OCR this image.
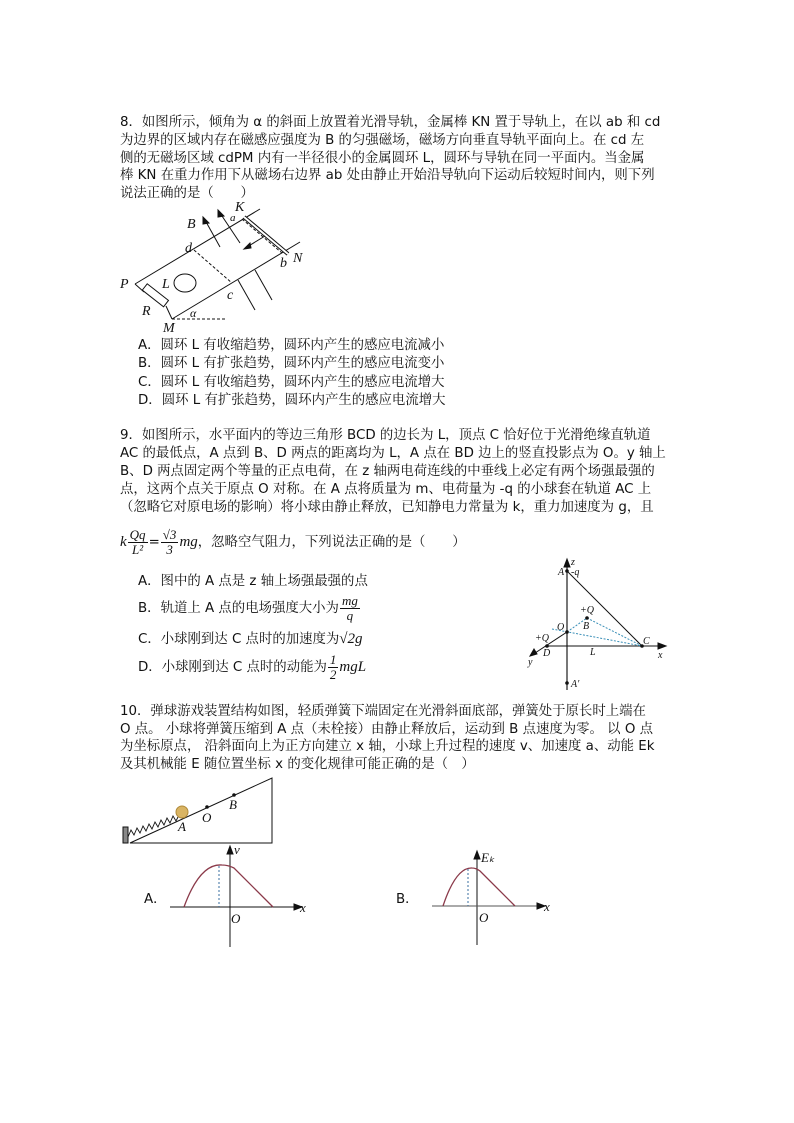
8．如图所示，倾角为 α 的斜面上放置着光滑导轨，金属棒 KN 置于导轨上，在以 ab 和 cd
为边界的区域内存在磁感应强度为 B 的匀强磁场，磁场方向垂直导轨平面向上。在 cd 左
侧的无磁场区域 cdPM 内有一半径很小的金属圆环 L，圆环与导轨在同一平面内。当金属
棒 KN 在重力作用下从磁场右边界 ab 处由静止开始沿导轨向下运动后较短时间内，则下列
说法正确的是（　　）
K
a
B
d
b N
P L
c
R
M
α
A．圆环 L 有收缩趋势，圆环内产生的感应电流减小
B．圆环 L 有扩张趋势，圆环内产生的感应电流变小
C．圆环 L 有收缩趋势，圆环内产生的感应电流增大
D．圆环 L 有扩张趋势，圆环内产生的感应电流增大
9．如图所示，水平面内的等边三角形 BCD 的边长为 L，顶点 C 恰好位于光滑绝缘直轨道
AC 的最低点，A 点到 B、D 两点的距离均为 L，A 点在 BD 边上的竖直投影点为 O。y 轴上
B、D 两点固定两个等量的正点电荷，在 z 轴两电荷连线的中垂线上必定有两个场强最强的
点，这两个点关于原点 O 对称。在 A 点将质量为 m、电荷量为 -q 的小球套在轨道 AC 上
（忽略它对原电场的影响）将小球由静止释放，已知静电力常量为 k，重力加速度为 g，且
k $\frac{Qq}{\text{L²}} = \frac{√3}{3}$ mg，忽略空气阻力，下列说法正确的是（　　）
A．图中的 A 点是 z 轴上场强最强的点
B．轨道上 A 点的电场强度大小为 $\frac{mg}{q}$
C．小球刚到达 C 点时的加速度为√2g
D．小球刚到达 C 点时的动能为 $\frac{1}{2}$ mgL
z
A -q
+Q
B
O
+Q
D	L
C
x
y
A′
10．弹球游戏装置结构如图，轻质弹簧下端固定在光滑斜面底部，弹簧处于原长时上端在
O 点。 小球将弹簧压缩到 A 点（未栓接）由静止释放后，运动到 B 点速度为零。 以 O 点
为坐标原点， 沿斜面向上为正方向建立 x 轴，小球上升过程的速度 v、加速度 a、动能 Ek
及其机械能 E 随位置坐标 x 的变化规律可能正确的是（　）
A
O
B
A．
v
x
O
B．
Eₖ
x
O
